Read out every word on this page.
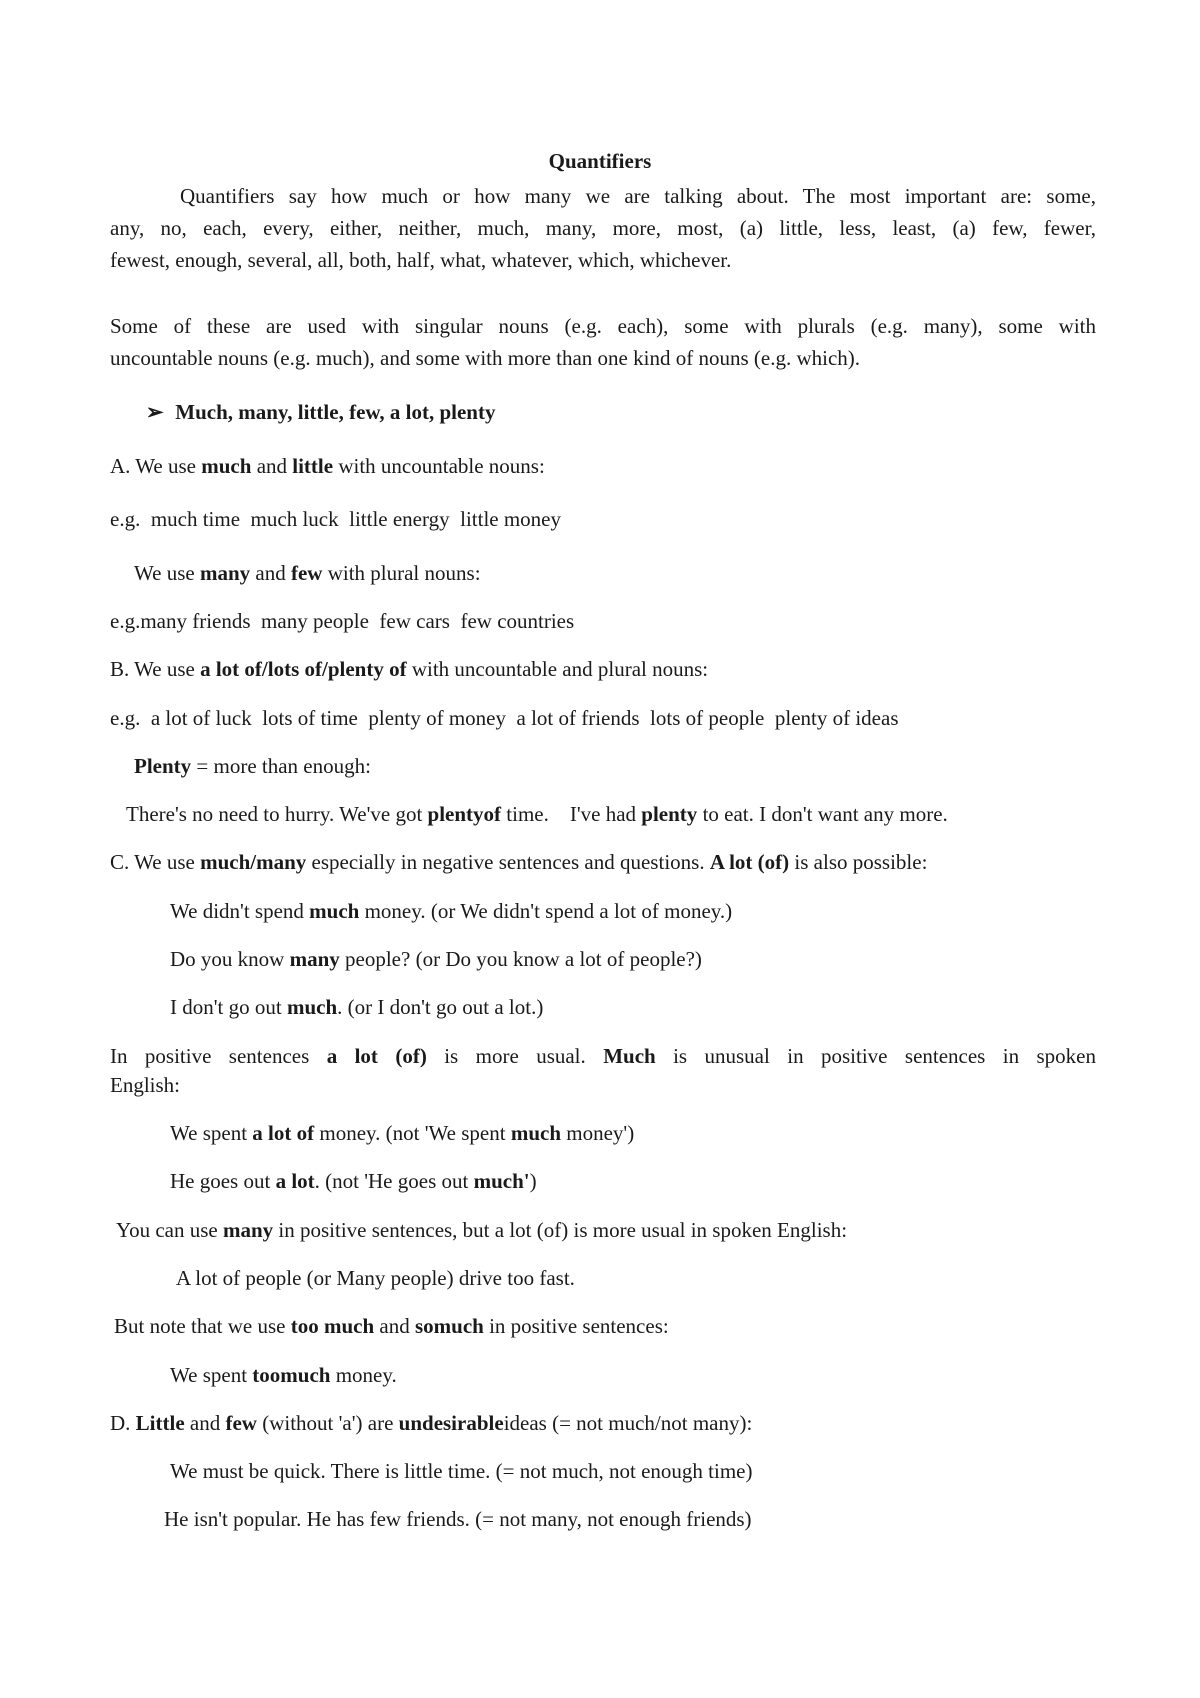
Quantifiers
Quantifiers say how much or how many we are talking about. The most important are: some,
any, no, each, every, either, neither, much, many, more, most, (a) little, less, least, (a) few, fewer,
fewest, enough, several, all, both, half, what, whatever, which, whichever.
Some of these are used with singular nouns (e.g. each), some with plurals (e.g. many), some with
uncountable nouns (e.g. much), and some with more than one kind of nouns (e.g. which).
➢ Much, many, little, few, a lot, plenty
A. We use much and little with uncountable nouns:
e.g.  much time  much luck  little energy  little money
We use many and few with plural nouns:
e.g.many friends  many people  few cars  few countries
B. We use a lot of/lots of/plenty of with uncountable and plural nouns:
e.g.  a lot of luck  lots of time  plenty of money  a lot of friends  lots of people  plenty of ideas
Plenty = more than enough:
There's no need to hurry. We've got plentyof time.    I've had plenty to eat. I don't want any more.
C. We use much/many especially in negative sentences and questions. A lot (of) is also possible:
We didn't spend much money. (or We didn't spend a lot of money.)
Do you know many people? (or Do you know a lot of people?)
I don't go out much. (or I don't go out a lot.)
In positive sentences a lot (of) is more usual. Much is unusual in positive sentences in spoken
English:
We spent a lot of money. (not 'We spent much money')
He goes out a lot. (not 'He goes out much')
You can use many in positive sentences, but a lot (of) is more usual in spoken English:
A lot of people (or Many people) drive too fast.
But note that we use too much and somuch in positive sentences:
We spent toomuch money.
D. Little and few (without 'a') are undesirableideas (= not much/not many):
We must be quick. There is little time. (= not much, not enough time)
He isn't popular. He has few friends. (= not many, not enough friends)
